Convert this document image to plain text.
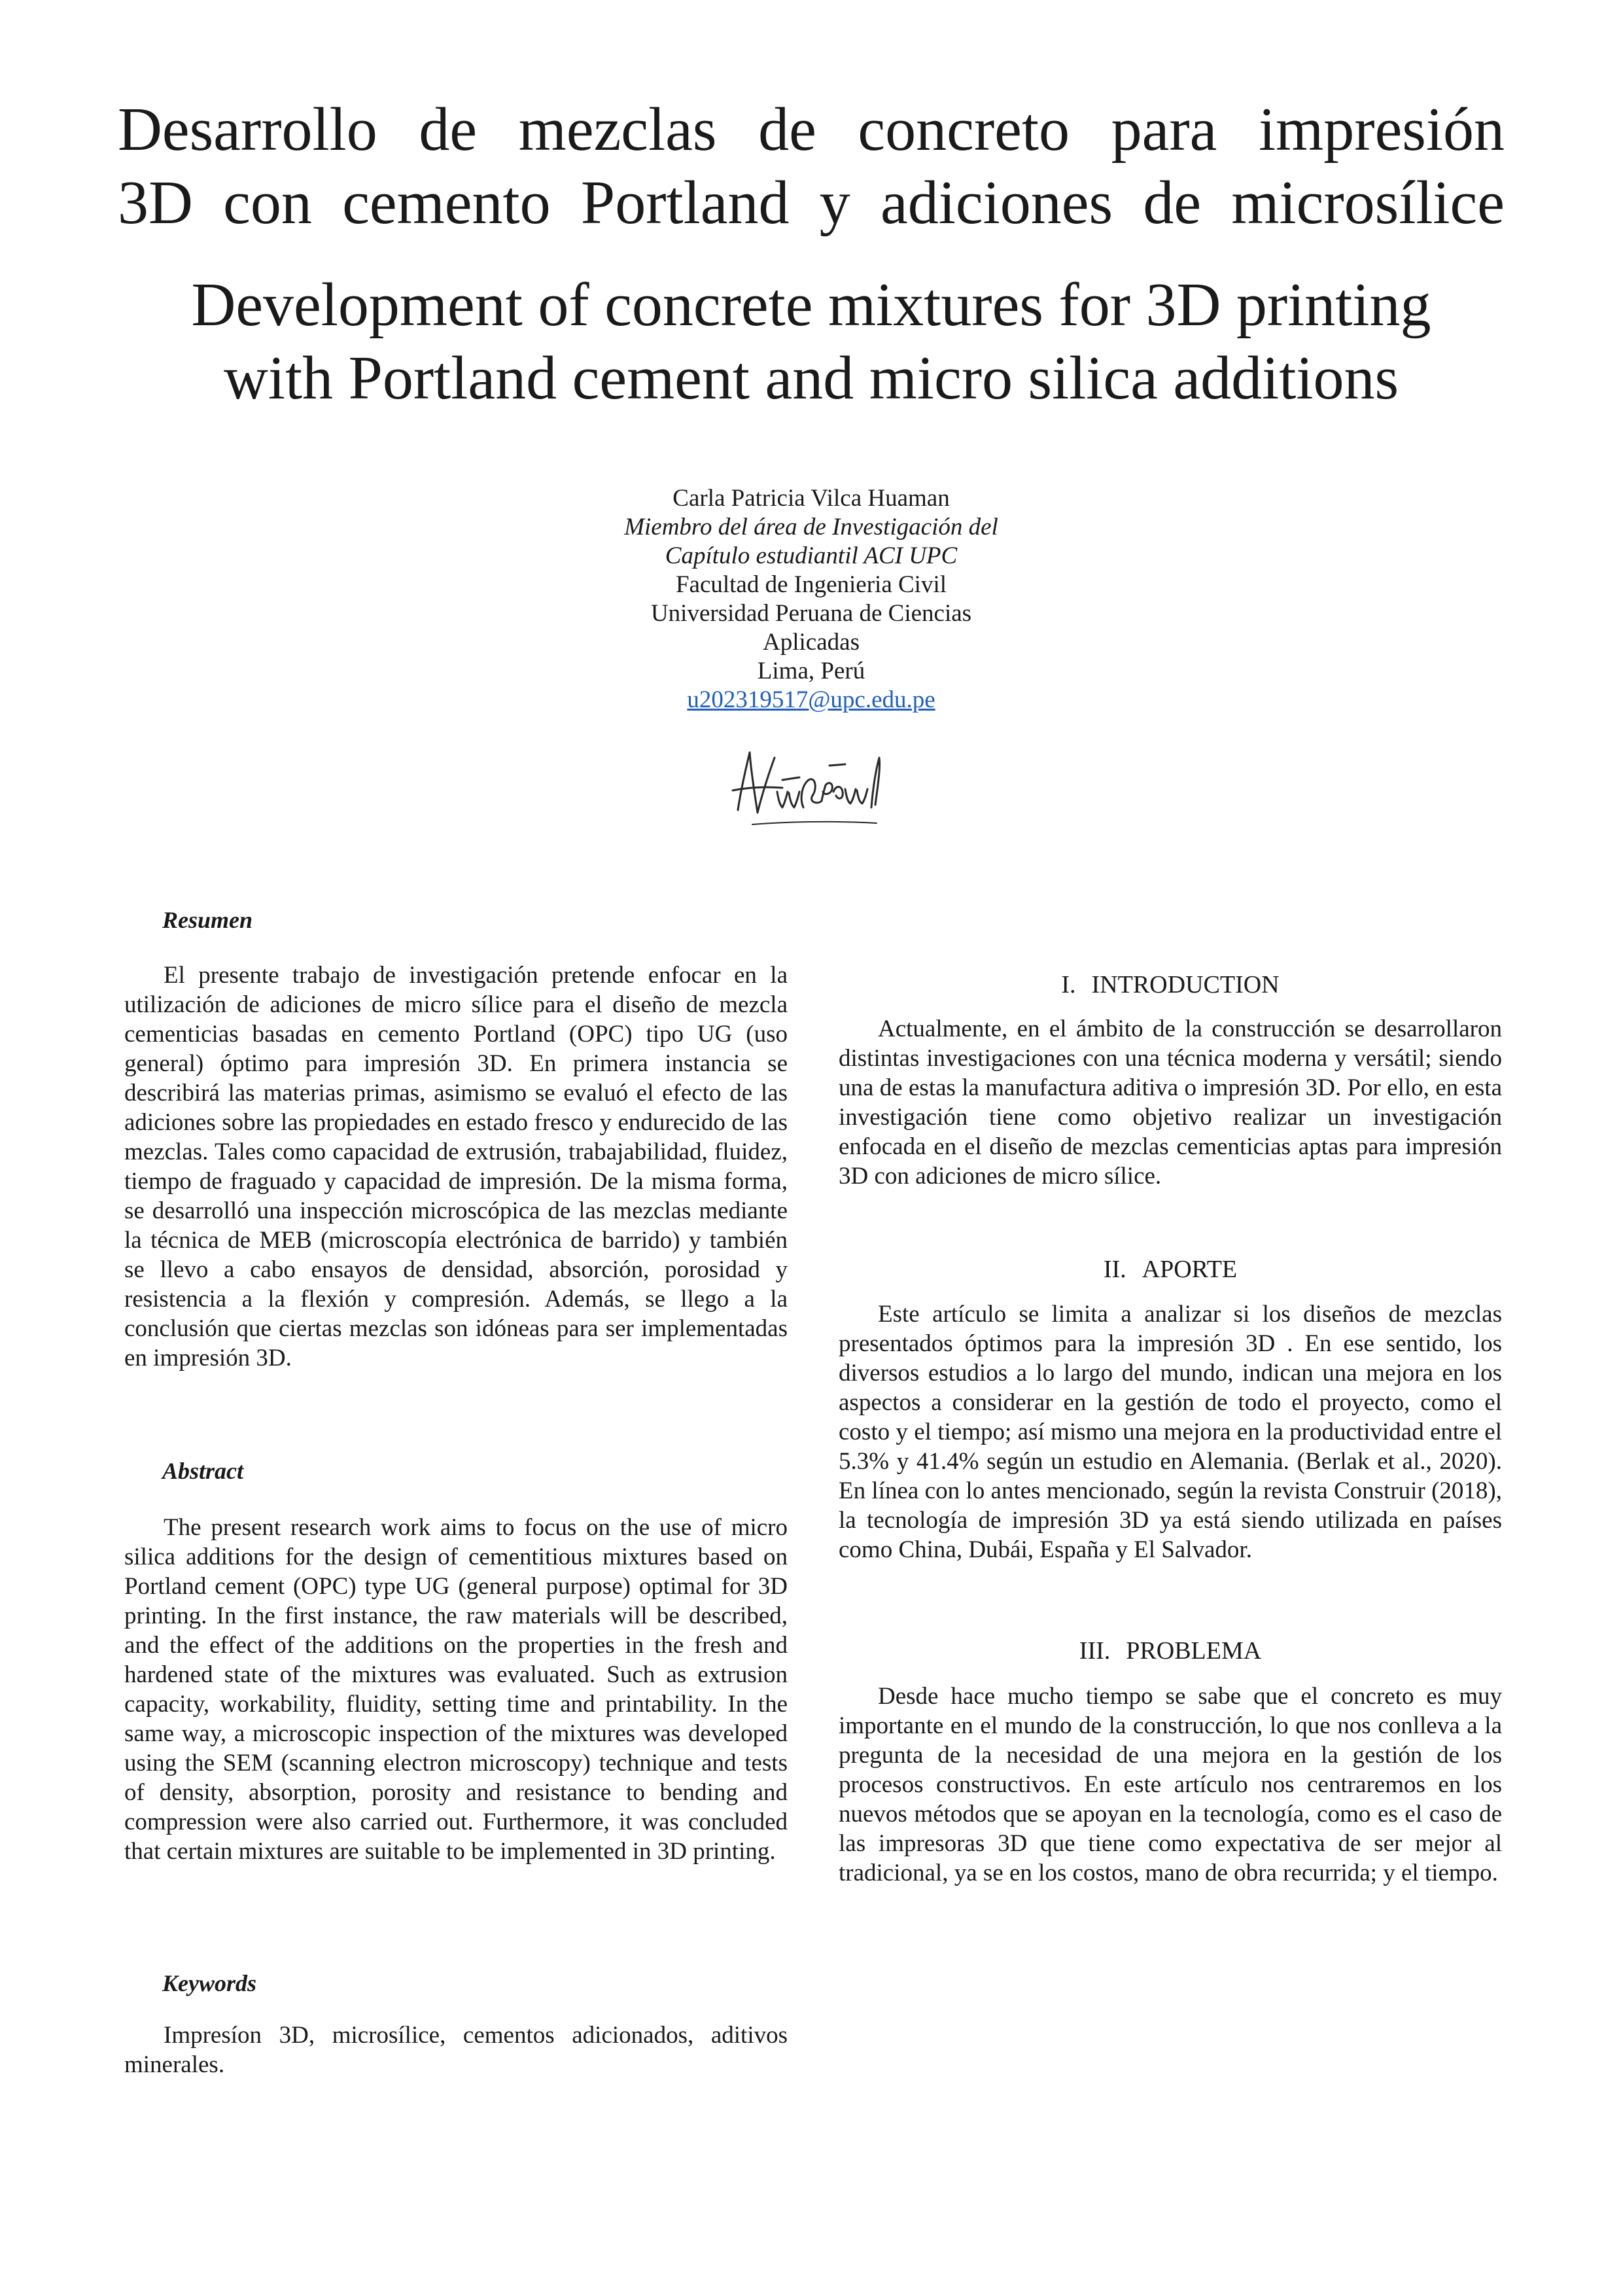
Desarrollo de mezclas de concreto para impresión
3D con cemento Portland y adiciones de microsílice
Development of concrete mixtures for 3D printing
with Portland cement and micro silica additions
Carla Patricia Vilca Huaman
Miembro del área de Investigación del
Capítulo estudiantil ACI UPC
Facultad de Ingenieria Civil
Universidad Peruana de Ciencias
Aplicadas
Lima, Perú
u202319517@upc.edu.pe
Resumen

El presente trabajo de investigación pretende enfocar en la utilización de adiciones de micro sílice para el diseño de mezcla cementicias basadas en cemento Portland (OPC) tipo UG (uso general) óptimo para impresión 3D. En primera instancia se describirá las materias primas, asimismo se evaluó el efecto de las adiciones sobre las propiedades en estado fresco y endurecido de las mezclas. Tales como capacidad de extrusión, trabajabilidad, fluidez, tiempo de fraguado y capacidad de impresión. De la misma forma, se desarrolló una inspección microscópica de las mezclas mediante la técnica de MEB (microscopía electrónica de barrido) y también se llevo a cabo ensayos de densidad, absorción, porosidad y resistencia a la flexión y compresión. Además, se llego a la conclusión que ciertas mezclas son idóneas para ser implementadas en impresión 3D.

Abstract

The present research work aims to focus on the use of micro silica additions for the design of cementitious mixtures based on Portland cement (OPC) type UG (general purpose) optimal for 3D printing. In the first instance, the raw materials will be described, and the effect of the additions on the properties in the fresh and hardened state of the mixtures was evaluated. Such as extrusion capacity, workability, fluidity, setting time and printability. In the same way, a microscopic inspection of the mixtures was developed using the SEM (scanning electron microscopy) technique and tests of density, absorption, porosity and resistance to bending and compression were also carried out. Furthermore, it was concluded that certain mixtures are suitable to be implemented in 3D printing.

Keywords

Impresíon 3D, microsílice, cementos adicionados, aditivos minerales.

I. INTRODUCTION

Actualmente, en el ámbito de la construcción se desarrollaron distintas investigaciones con una técnica moderna y versátil; siendo una de estas la manufactura aditiva o impresión 3D. Por ello, en esta investigación tiene como objetivo realizar un investigación enfocada en el diseño de mezclas cementicias aptas para impresión 3D con adiciones de micro sílice.

II. APORTE

Este artículo se limita a analizar si los diseños de mezclas presentados óptimos para la impresión 3D . En ese sentido, los diversos estudios a lo largo del mundo, indican una mejora en los aspectos a considerar en la gestión de todo el proyecto, como el costo y el tiempo; así mismo una mejora en la productividad entre el 5.3% y 41.4% según un estudio en Alemania. (Berlak et al., 2020). En línea con lo antes mencionado, según la revista Construir (2018), la tecnología de impresión 3D ya está siendo utilizada en países como China, Dubái, España y El Salvador.

III. PROBLEMA

Desde hace mucho tiempo se sabe que el concreto es muy importante en el mundo de la construcción, lo que nos conlleva a la pregunta de la necesidad de una mejora en la gestión de los procesos constructivos. En este artículo nos centraremos en los nuevos métodos que se apoyan en la tecnología, como es el caso de las impresoras 3D que tiene como expectativa de ser mejor al tradicional, ya se en los costos, mano de obra recurrida; y el tiempo.
